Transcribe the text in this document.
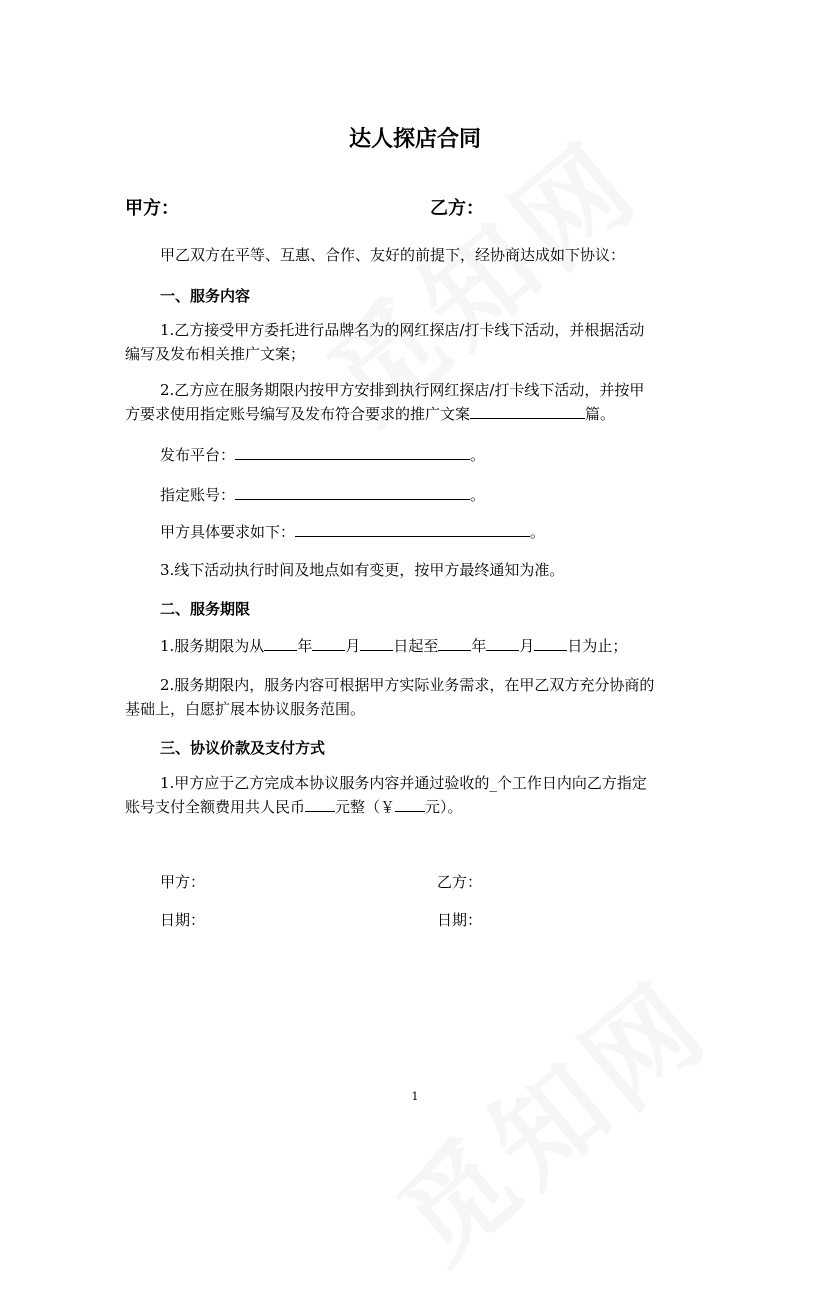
达人探店合同
甲方：	乙方：
甲乙双方在平等、互惠、合作、友好的前提下，经协商达成如下协议：
一、服务内容
1.乙方接受甲方委托进行品牌名为的网红探店/打卡线下活动，并根据活动
编写及发布相关推广文案；
2.乙方应在服务期限内按甲方安排到执行网红探店/打卡线下活动，并按甲
方要求使用指定账号编写及发布符合要求的推广文案	篇。
发布平台：	。
指定账号：	。
甲方具体要求如下：	。
3.线下活动执行时间及地点如有变更，按甲方最终通知为准。
二、服务期限
1.服务期限为从 年 月 日起至 年 月 日为止；
2.服务期限内，服务内容可根据甲方实际业务需求，在甲乙双方充分协商的
基础上，白愿扩展本协议服务范围。
三、协议价款及支付方式
1.甲方应于乙方完成本协议服务内容并通过验收的_个工作日内向乙方指定
账号支付全额费用共人民币 元整（￥ 元）。
甲方：	乙方：
日期：	日期：
1
